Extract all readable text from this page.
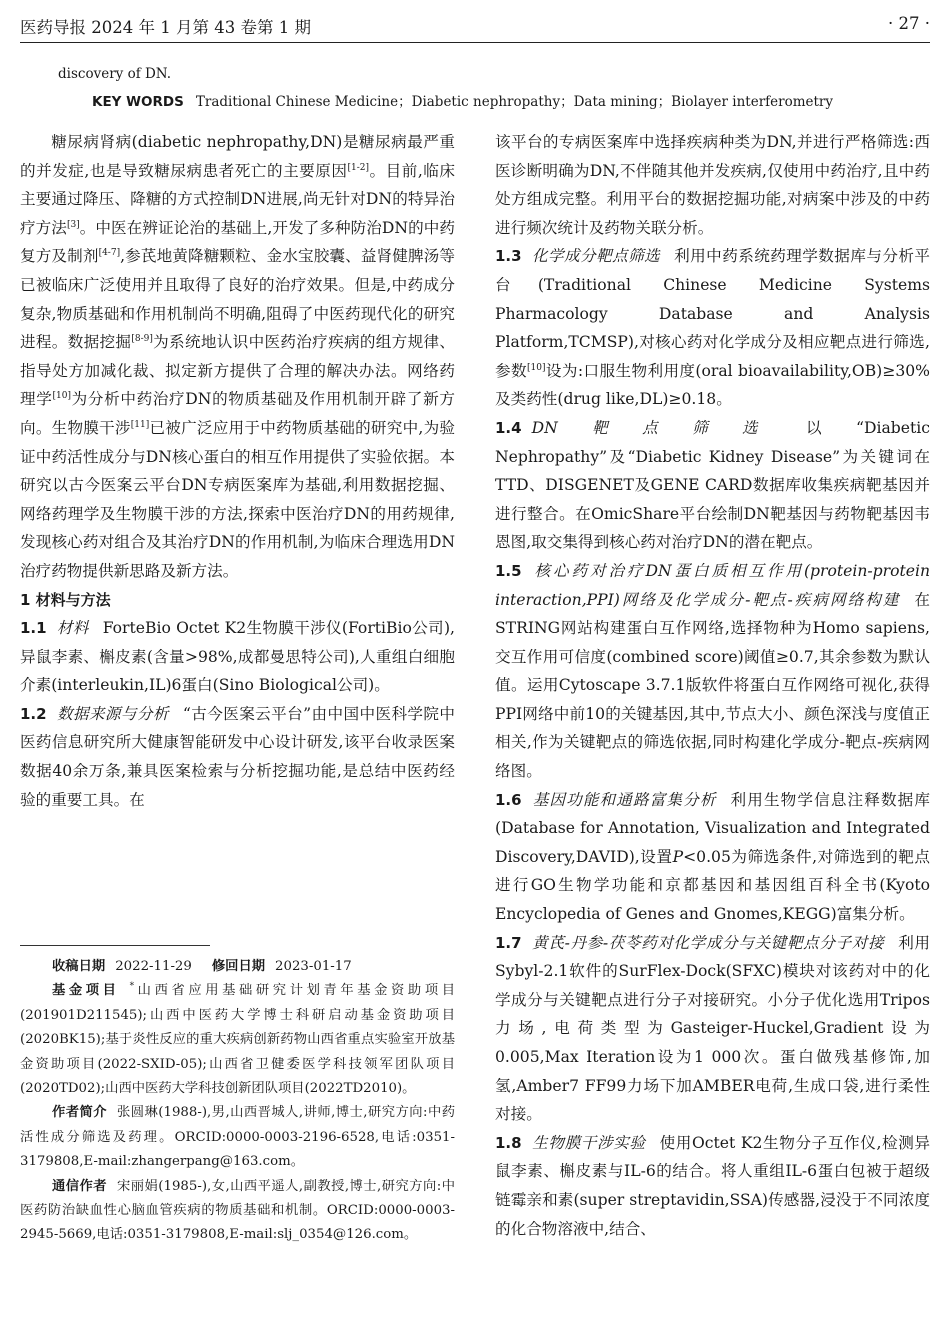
医药导报 2024 年 1 月第 43 卷第 1 期	· 27 ·
discovery of DN.
KEY WORDS Traditional Chinese Medicine；Diabetic nephropathy；Data mining；Biolayer interferometry

糖尿病肾病(diabetic nephropathy,DN)是糖尿病最严重的并发症,也是导致糖尿病患者死亡的主要原因[1-2]。目前,临床主要通过降压、降糖的方式控制DN进展,尚无针对DN的特异治疗方法[3]。中医在辨证论治的基础上,开发了多种防治DN的中药复方及制剂[4-7],参芪地黄降糖颗粒、金水宝胶囊、益肾健脾汤等已被临床广泛使用并且取得了良好的治疗效果。但是,中药成分复杂,物质基础和作用机制尚不明确,阻碍了中医药现代化的研究进程。数据挖掘[8-9]为系统地认识中医药治疗疾病的组方规律、指导处方加减化裁、拟定新方提供了合理的解决办法。网络药理学[10]为分析中药治疗DN的物质基础及作用机制开辟了新方向。生物膜干涉[11]已被广泛应用于中药物质基础的研究中,为验证中药活性成分与DN核心蛋白的相互作用提供了实验依据。本研究以古今医案云平台DN专病医案库为基础,利用数据挖掘、网络药理学及生物膜干涉的方法,探索中医治疗DN的用药规律,发现核心药对组合及其治疗DN的作用机制,为临床合理选用DN治疗药物提供新思路及新方法。

1 材料与方法

1.1 材料 ForteBio Octet K2生物膜干涉仪(FortiBio公司),异鼠李素、槲皮素(含量>98%,成都曼思特公司),人重组白细胞介素(interleukin,IL)6蛋白(Sino Biological公司)。

1.2 数据来源与分析 “古今医案云平台”由中国中医科学院中医药信息研究所大健康智能研发中心设计研发,该平台收录医案数据40余万条,兼具医案检索与分析挖掘功能,是总结中医药经验的重要工具。在

收稿日期 2022-11-29 修回日期 2023-01-17

基金项目 *山西省应用基础研究计划青年基金资助项目(201901D211545);山西中医药大学博士科研启动基金资助项目(2020BK15);基于炎性反应的重大疾病创新药物山西省重点实验室开放基金资助项目(2022-SXID-05);山西省卫健委医学科技领军团队项目(2020TD02);山西中医药大学科技创新团队项目(2022TD2010)。

作者简介 张圆琳(1988-),男,山西晋城人,讲师,博士,研究方向:中药活性成分筛选及药理。ORCID:0000-0003-2196-6528,电话:0351-3179808,E-mail:zhangerpang@163.com。

通信作者 宋丽娟(1985-),女,山西平遥人,副教授,博士,研究方向:中医药防治缺血性心脑血管疾病的物质基础和机制。ORCID:0000-0003-2945-5669,电话:0351-3179808,E-mail:slj_0354@126.com。

该平台的专病医案库中选择疾病种类为DN,并进行严格筛选:西医诊断明确为DN,不伴随其他并发疾病,仅使用中药治疗,且中药处方组成完整。利用平台的数据挖掘功能,对病案中涉及的中药进行频次统计及药物关联分析。

1.3 化学成分靶点筛选 利用中药系统药理学数据库与分析平台(Traditional Chinese Medicine Systems Pharmacology Database and Analysis Platform,TCMSP),对核心药对化学成分及相应靶点进行筛选,参数[10]设为:口服生物利用度(oral bioavailability,OB)≥30%及类药性(drug like,DL)≥0.18。

1.4 DN靶点筛选 以“Diabetic Nephropathy”及“Diabetic Kidney Disease”为关键词在TTD、DISGENET及GENE CARD数据库收集疾病靶基因并进行整合。在OmicShare平台绘制DN靶基因与药物靶基因韦恩图,取交集得到核心药对治疗DN的潜在靶点。

1.5 核心药对治疗DN蛋白质相互作用(protein-protein interaction,PPI)网络及化学成分-靶点-疾病网络构建 在STRING网站构建蛋白互作网络,选择物种为Homo sapiens,交互作用可信度(combined score)阈值≥0.7,其余参数为默认值。运用Cytoscape 3.7.1版软件将蛋白互作网络可视化,获得PPI网络中前10的关键基因,其中,节点大小、颜色深浅与度值正相关,作为关键靶点的筛选依据,同时构建化学成分-靶点-疾病网络图。

1.6 基因功能和通路富集分析 利用生物学信息注释数据库(Database for Annotation, Visualization and Integrated Discovery,DAVID),设置P<0.05为筛选条件,对筛选到的靶点进行GO生物学功能和京都基因和基因组百科全书(Kyoto Encyclopedia of Genes and Gnomes,KEGG)富集分析。

1.7 黄芪-丹参-茯苓药对化学成分与关键靶点分子对接 利用Sybyl-2.1软件的SurFlex-Dock(SFXC)模块对该药对中的化学成分与关键靶点进行分子对接研究。小分子优化选用Tripos力场,电荷类型为Gasteiger-Huckel,Gradient设为0.005,Max Iteration设为1 000次。蛋白做残基修饰,加氢,Amber7 FF99力场下加AMBER电荷,生成口袋,进行柔性对接。

1.8 生物膜干涉实验 使用Octet K2生物分子互作仪,检测异鼠李素、槲皮素与IL-6的结合。将人重组IL-6蛋白包被于超级链霉亲和素(super streptavidin,SSA)传感器,浸没于不同浓度的化合物溶液中,结合、
